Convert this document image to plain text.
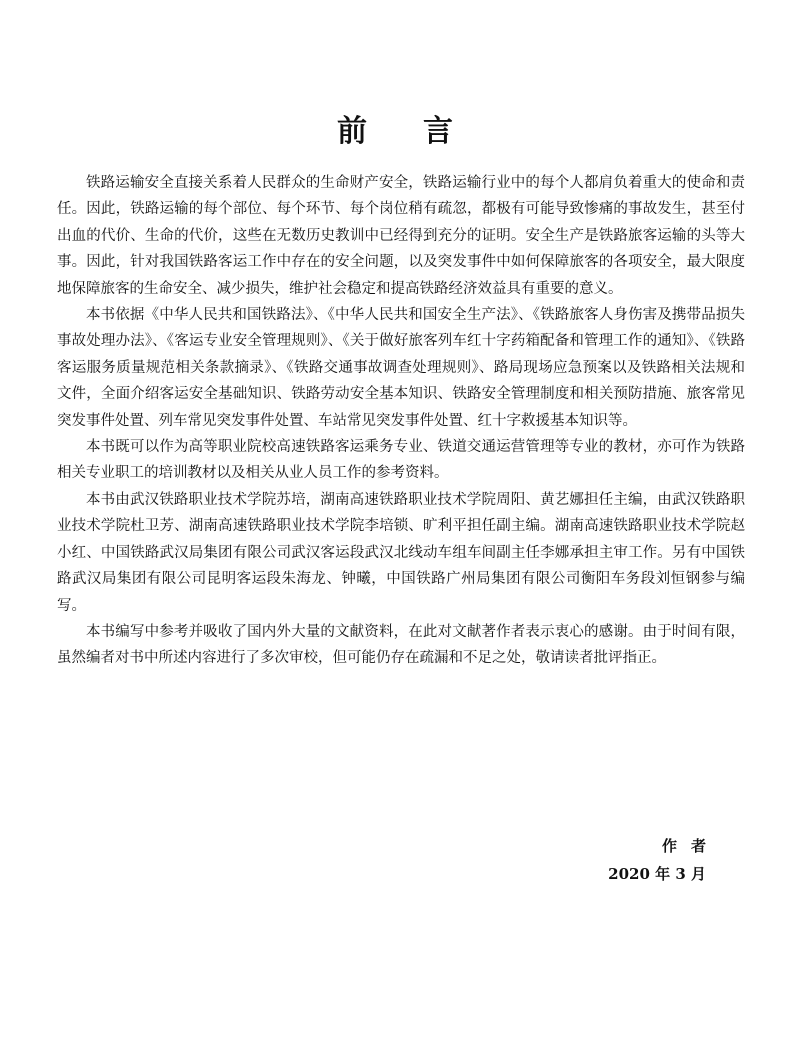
前言

铁路运输安全直接关系着人民群众的生命财产安全，铁路运输行业中的每个人都肩负着重大的使命和责任。因此，铁路运输的每个部位、每个环节、每个岗位稍有疏忽，都极有可能导致惨痛的事故发生，甚至付出血的代价、生命的代价，这些在无数历史教训中已经得到充分的证明。安全生产是铁路旅客运输的头等大事。因此，针对我国铁路客运工作中存在的安全问题，以及突发事件中如何保障旅客的各项安全，最大限度地保障旅客的生命安全、减少损失，维护社会稳定和提高铁路经济效益具有重要的意义。

本书依据《中华人民共和国铁路法》、《中华人民共和国安全生产法》、《铁路旅客人身伤害及携带品损失事故处理办法》、《客运专业安全管理规则》、《关于做好旅客列车红十字药箱配备和管理工作的通知》、《铁路客运服务质量规范相关条款摘录》、《铁路交通事故调查处理规则》、路局现场应急预案以及铁路相关法规和文件，全面介绍客运安全基础知识、铁路劳动安全基本知识、铁路安全管理制度和相关预防措施、旅客常见突发事件处置、列车常见突发事件处置、车站常见突发事件处置、红十字救援基本知识等。

本书既可以作为高等职业院校高速铁路客运乘务专业、铁道交通运营管理等专业的教材，亦可作为铁路相关专业职工的培训教材以及相关从业人员工作的参考资料。

本书由武汉铁路职业技术学院苏培，湖南高速铁路职业技术学院周阳、黄艺娜担任主编，由武汉铁路职业技术学院杜卫芳、湖南高速铁路职业技术学院李培锁、旷利平担任副主编。湖南高速铁路职业技术学院赵小红、中国铁路武汉局集团有限公司武汉客运段武汉北线动车组车间副主任李娜承担主审工作。另有中国铁路武汉局集团有限公司昆明客运段朱海龙、钟曦，中国铁路广州局集团有限公司衡阳车务段刘恒钢参与编写。

本书编写中参考并吸收了国内外大量的文献资料，在此对文献著作者表示衷心的感谢。由于时间有限，虽然编者对书中所述内容进行了多次审校，但可能仍存在疏漏和不足之处，敬请读者批评指正。

作者
2020 年 3 月
